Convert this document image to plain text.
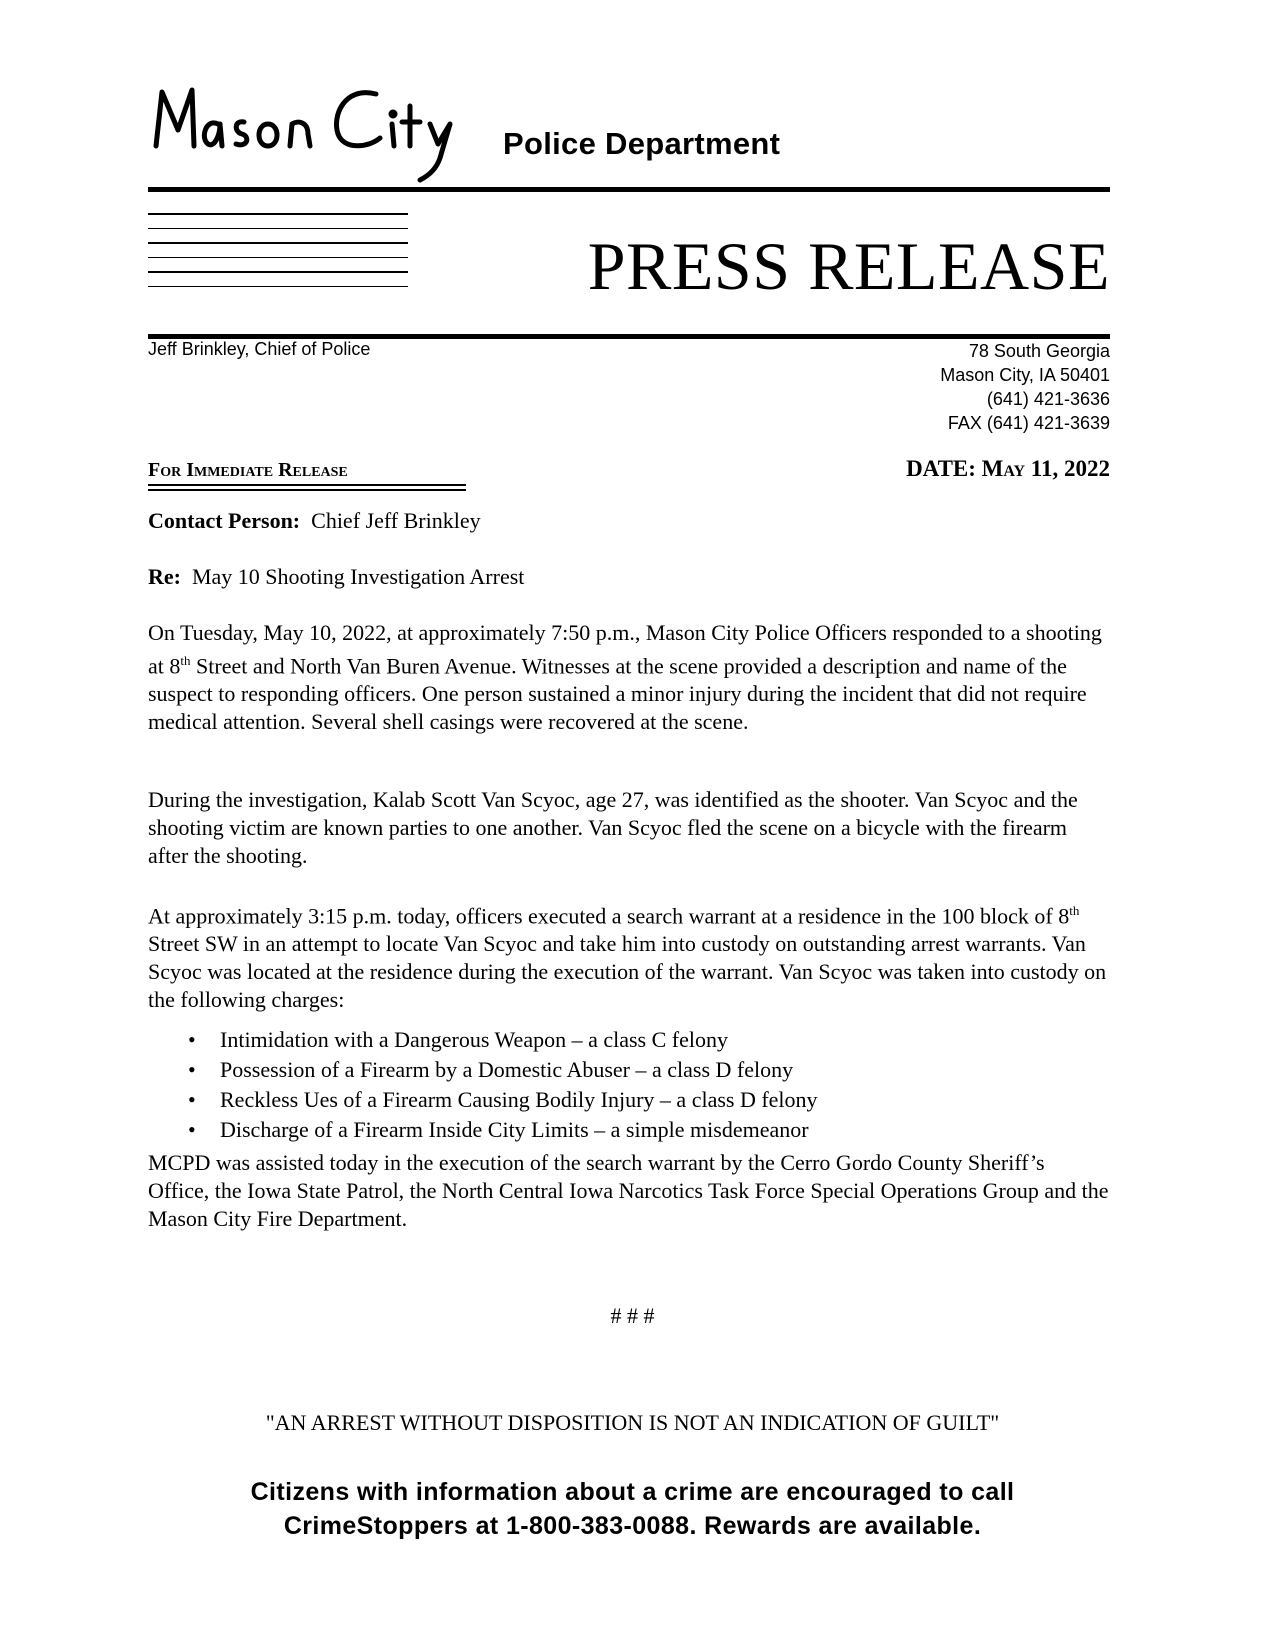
Police Department
PRESS RELEASE
Jeff Brinkley, Chief of Police	78 South Georgia
Mason City, IA 50401
(641) 421-3636
FAX (641) 421-3639
For Immediate Release	DATE: May 11, 2022
Contact Person: Chief Jeff Brinkley
Re: May 10 Shooting Investigation Arrest

On Tuesday, May 10, 2022, at approximately 7:50 p.m., Mason City Police Officers responded to a shooting at 8th Street and North Van Buren Avenue. Witnesses at the scene provided a description and name of the suspect to responding officers. One person sustained a minor injury during the incident that did not require medical attention. Several shell casings were recovered at the scene.

During the investigation, Kalab Scott Van Scyoc, age 27, was identified as the shooter. Van Scyoc and the shooting victim are known parties to one another. Van Scyoc fled the scene on a bicycle with the firearm after the shooting.

At approximately 3:15 p.m. today, officers executed a search warrant at a residence in the 100 block of 8th Street SW in an attempt to locate Van Scyoc and take him into custody on outstanding arrest warrants. Van Scyoc was located at the residence during the execution of the warrant. Van Scyoc was taken into custody on the following charges:

• Intimidation with a Dangerous Weapon – a class C felony
• Possession of a Firearm by a Domestic Abuser – a class D felony
• Reckless Ues of a Firearm Causing Bodily Injury – a class D felony
• Discharge of a Firearm Inside City Limits – a simple misdemeanor
MCPD was assisted today in the execution of the search warrant by the Cerro Gordo County Sheriff’s Office, the Iowa State Patrol, the North Central Iowa Narcotics Task Force Special Operations Group and the Mason City Fire Department.
# # #
"AN ARREST WITHOUT DISPOSITION IS NOT AN INDICATION OF GUILT"
Citizens with information about a crime are encouraged to call
CrimeStoppers at 1-800-383-0088. Rewards are available.
